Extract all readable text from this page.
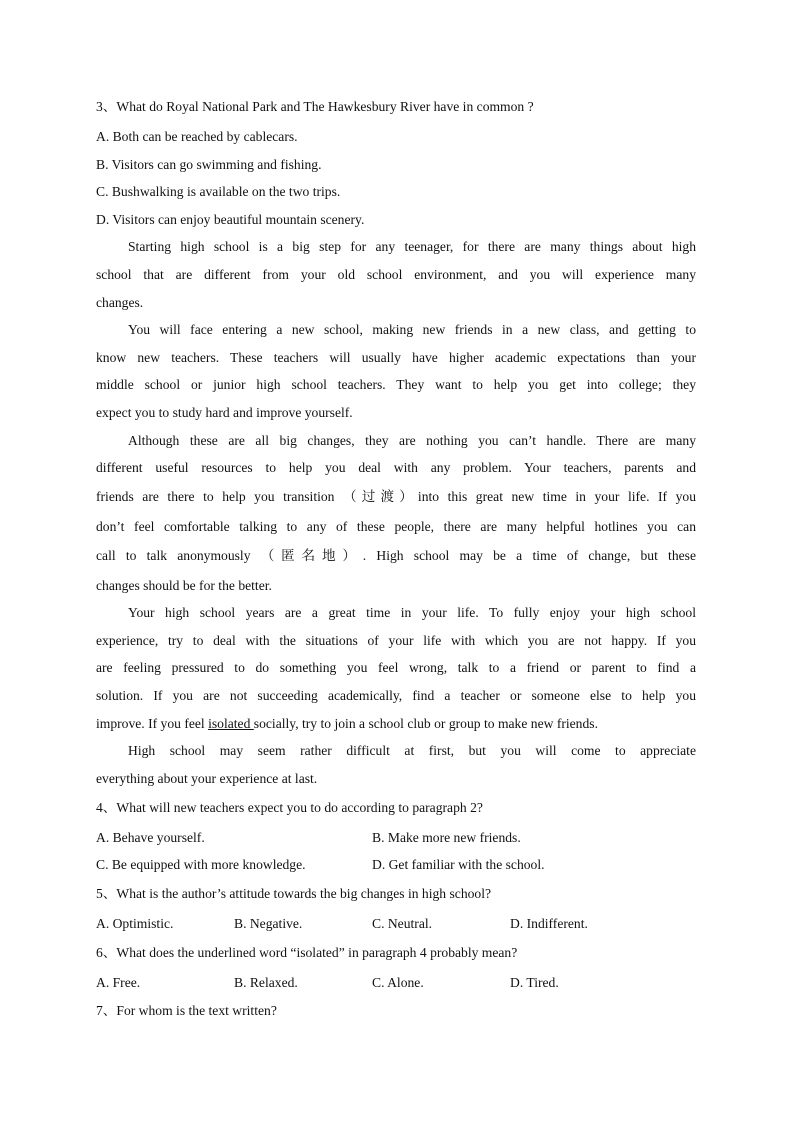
3、What do Royal National Park and The Hawkesbury River have in common ?
A. Both can be reached by cablecars.
B. Visitors can go swimming and fishing.
C. Bushwalking is available on the two trips.
D. Visitors can enjoy beautiful mountain scenery.
Starting high school is a big step for any teenager, for there are many things about high
school that are different from your old school environment, and you will experience many
changes.
You will face entering a new school, making new friends in a new class, and getting to
know new teachers. These teachers will usually have higher academic expectations than your
middle school or junior high school teachers. They want to help you get into college; they
expect you to study hard and improve yourself.
Although these are all big changes, they are nothing you can’t handle. There are many
different useful resources to help you deal with any problem. Your teachers, parents and
friends are there to help you transition （过渡）into this great new time in your life. If you
don’t feel comfortable talking to any of these people, there are many helpful hotlines you can
call to talk anonymously （匿名地）. High school may be a time of change, but these
changes should be for the better.
Your high school years are a great time in your life. To fully enjoy your high school
experience, try to deal with the situations of your life with which you are not happy. If you
are feeling pressured to do something you feel wrong, talk to a friend or parent to find a
solution. If you are not succeeding academically, find a teacher or someone else to help you
improve. If you feel isolated socially, try to join a school club or group to make new friends.
High school may seem rather difficult at first, but you will come to appreciate
everything about your experience at last.
4、What will new teachers expect you to do according to paragraph 2?
A. Behave yourself.	B. Make more new friends.
C. Be equipped with more knowledge.	D. Get familiar with the school.
5、What is the author’s attitude towards the big changes in high school?
A. Optimistic.	B. Negative.	C. Neutral.	D. Indifferent.
6、What does the underlined word “isolated” in paragraph 4 probably mean?
A. Free.	B. Relaxed.	C. Alone.	D. Tired.
7、For whom is the text written?
